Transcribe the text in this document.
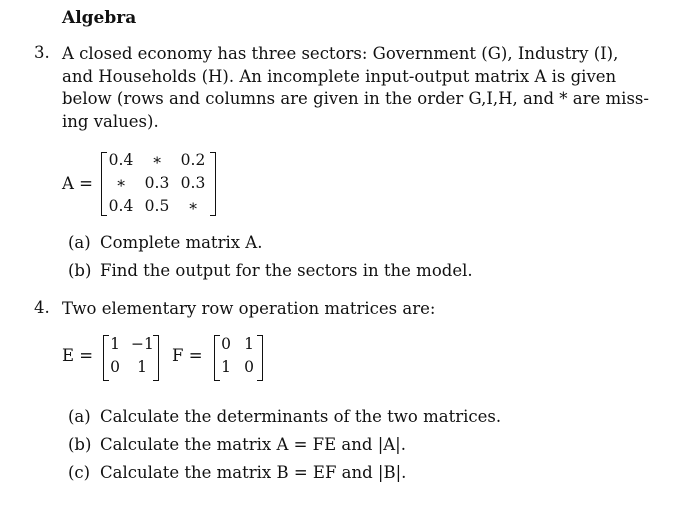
Algebra
3. A closed economy has three sectors: Government (G), Industry (I),
and Households (H). An incomplete input-output matrix A is given
below (rows and columns are given in the order G,I,H, and * are miss-
ing values).
A =
0.4	∗	0.2
∗	0.3 0.3
0.4 0.5	∗
(a) Complete matrix A.
(b) Find the output for the sectors in the model.
4. Two elementary row operation matrices are:
E =
1 −1
0	1
F =
0 1
1 0
(a) Calculate the determinants of the two matrices.
(b) Calculate the matrix A = FE and |A|.
(c) Calculate the matrix B = EF and |B|.
